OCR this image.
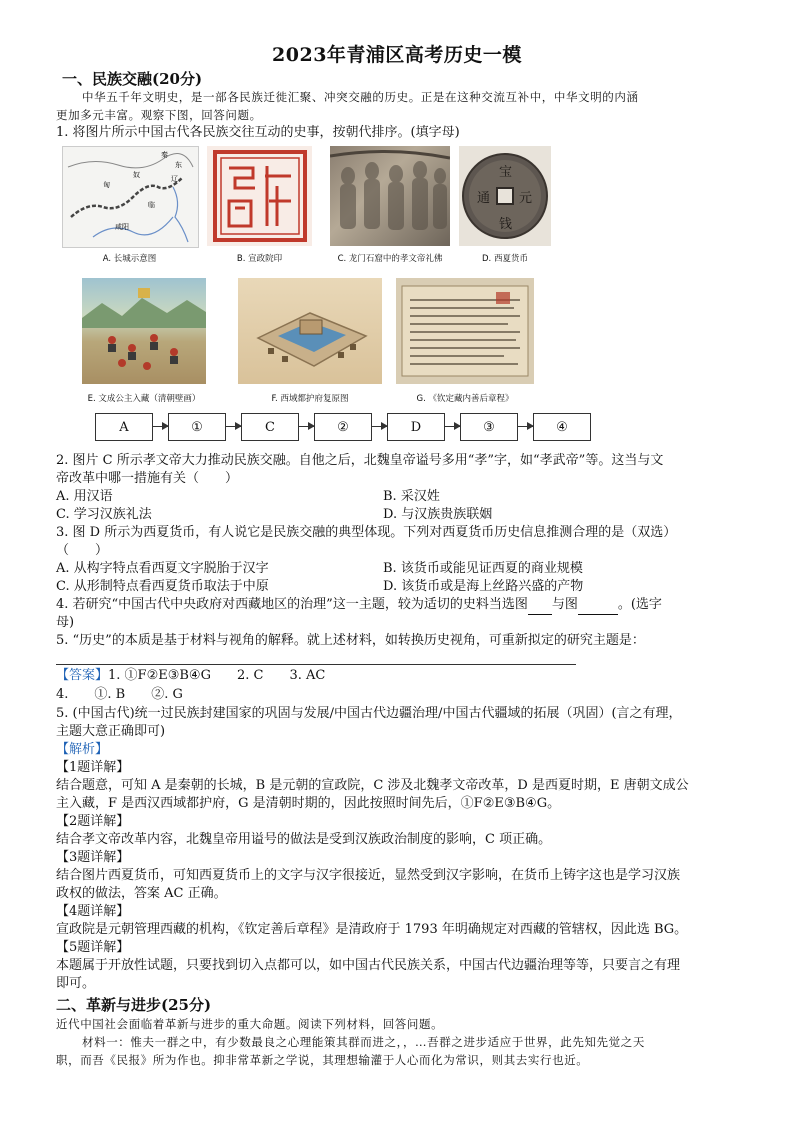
2023年青浦区高考历史一模
一、民族交融(20分)
中华五千年文明史，是一部各民族迁徙汇聚、冲突交融的历史。正是在这种交流互补中，中华文明的内涵
更加多元丰富。观察下图，回答问题。
1. 将图片所示中国古代各民族交往互动的史事，按朝代排序。(填字母)
秦
东
奴	辽
临
匈
咸阳
A. 长城示意图	B. 宣政院印	C. 龙门石窟中的孝文帝礼佛
宝
钱
通 元
D. 西夏货币
E. 文成公主入藏（清朝壁画）	F. 西域都护府复原图	G. 《钦定藏内善后章程》
A	①	C	②	D	③	④
2. 图片 C 所示孝文帝大力推动民族交融。自他之后，北魏皇帝谥号多用“孝”字，如“孝武帝”等。这当与文
帝改革中哪一措施有关（　　）
A. 用汉语	B. 采汉姓
C. 学习汉族礼法	D. 与汉族贵族联姻
3. 图 D 所示为西夏货币，有人说它是民族交融的典型体现。下列对西夏货币历史信息推测合理的是（双选）
（　　）
A. 从构字特点看西夏文字脱胎于汉字	B. 该货币或能见证西夏的商业规模
C. 从形制特点看西夏货币取法于中原	D. 该货币或是海上丝路兴盛的产物
4. 若研究“中国古代中央政府对西藏地区的治理”这一主题，较为适切的史料当选图 与图	。(选字
母)
5. “历史”的本质是基于材料与视角的解释。就上述材料，如转换历史视角，可重新拟定的研究主题是：
【答案】1. ①F②E③B④G　　2. C　　3. AC
4.　　①. B　　②. G
5. (中国古代)统一过民族封建国家的巩固与发展/中国古代边疆治理/中国古代疆域的拓展（巩固）(言之有理，
主题大意正确即可)
【解析】
【1题详解】
结合题意，可知 A 是秦朝的长城，B 是元朝的宣政院，C 涉及北魏孝文帝改革，D 是西夏时期，E 唐朝文成公
主入藏，F 是西汉西域都护府，G 是清朝时期的，因此按照时间先后，①F②E③B④G。
【2题详解】
结合孝文帝改革内容，北魏皇帝用谥号的做法是受到汉族政治制度的影响，C 项正确。
【3题详解】
结合图片西夏货币，可知西夏货币上的文字与汉字很接近，显然受到汉字影响，在货币上铸字这也是学习汉族
政权的做法，答案 AC 正确。
【4题详解】
宣政院是元朝管理西藏的机构，《钦定善后章程》是清政府于 1793 年明确规定对西藏的管辖权，因此选 BG。
【5题详解】
本题属于开放性试题，只要找到切入点都可以，如中国古代民族关系，中国古代边疆治理等等，只要言之有理
即可。
二、革新与进步(25分)
近代中国社会面临着革新与进步的重大命题。阅读下列材料，回答问题。
材料一：惟夫一群之中，有少数最良之心理能策其群而进之，，…吾群之进步适应于世界，此先知先觉之天
职，而吾《民报》所为作也。抑非常革新之学说，其理想输灌于人心而化为常识，则其去实行也近。
